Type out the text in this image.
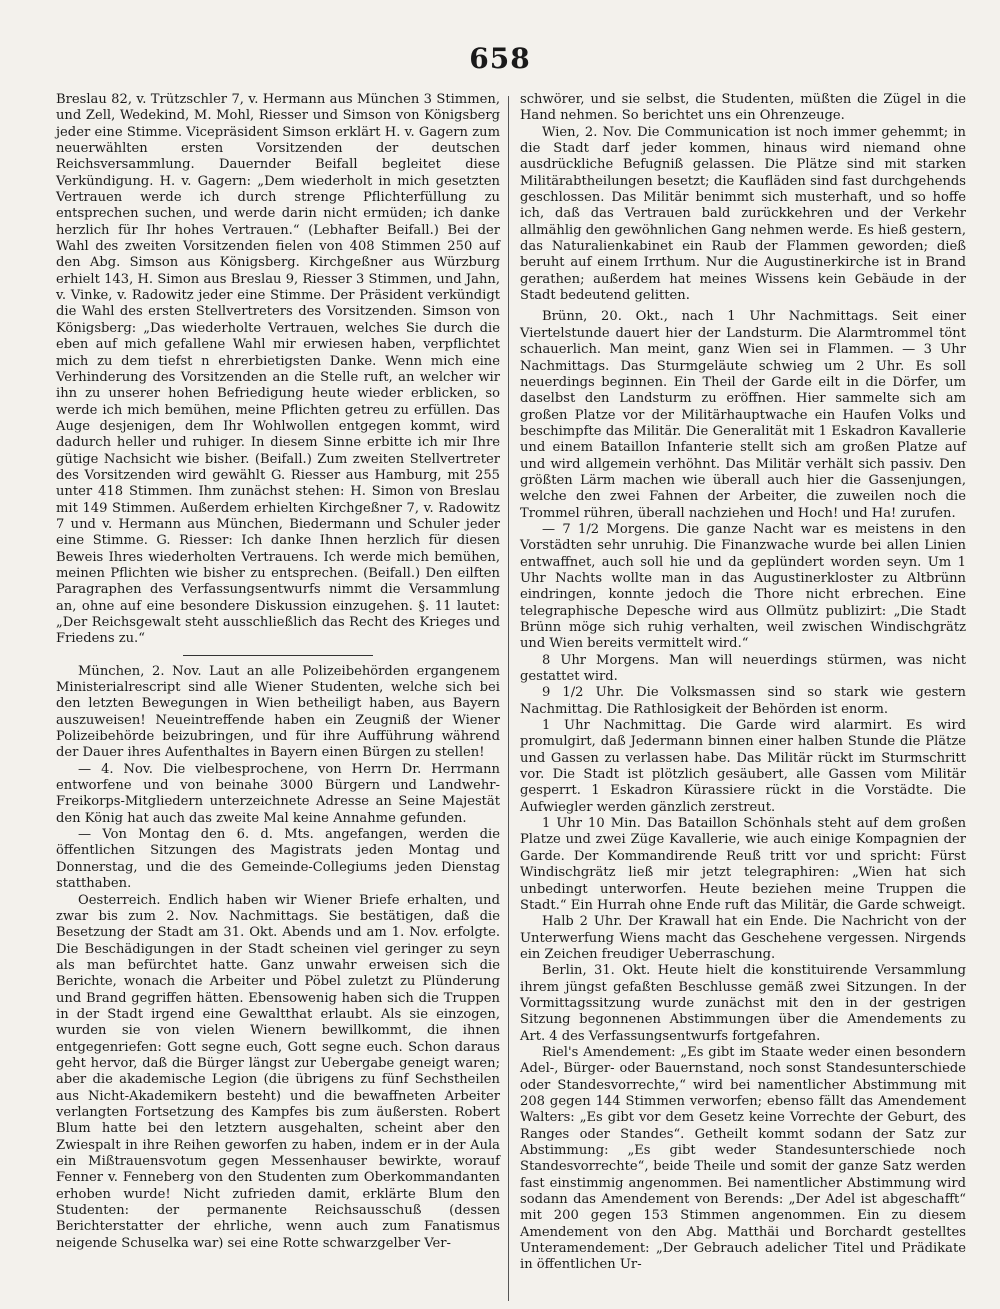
658

Breslau 82, v. Trützschler 7, v. Hermann aus München 3 Stimmen, und Zell, Wedekind, M. Mohl, Riesser und Simson von Königsberg jeder eine Stimme. Vicepräsident Simson erklärt H. v. Gagern zum neuerwählten ersten Vorsitzenden der deutschen Reichsversammlung. Dauernder Beifall begleitet diese Verkündigung. H. v. Gagern: „Dem wiederholt in mich gesetzten Vertrauen werde ich durch strenge Pflichterfüllung zu entsprechen suchen, und werde darin nicht ermüden; ich danke herzlich für Ihr hohes Vertrauen.“ (Lebhafter Beifall.) Bei der Wahl des zweiten Vorsitzenden fielen von 408 Stimmen 250 auf den Abg. Simson aus Königsberg. Kirchgeßner aus Würzburg erhielt 143, H. Simon aus Breslau 9, Riesser 3 Stimmen, und Jahn, v. Vinke, v. Radowitz jeder eine Stimme. Der Präsident verkündigt die Wahl des ersten Stellvertreters des Vorsitzenden. Simson von Königsberg: „Das wiederholte Vertrauen, welches Sie durch die eben auf mich gefallene Wahl mir erwiesen haben, verpflichtet mich zu dem tiefst n ehrerbietigsten Danke. Wenn mich eine Verhinderung des Vorsitzenden an die Stelle ruft, an welcher wir ihn zu unserer hohen Befriedigung heute wieder erblicken, so werde ich mich bemühen, meine Pflichten getreu zu erfüllen. Das Auge desjenigen, dem Ihr Wohlwollen entgegen kommt, wird dadurch heller und ruhiger. In diesem Sinne erbitte ich mir Ihre gütige Nachsicht wie bisher. (Beifall.) Zum zweiten Stellvertreter des Vorsitzenden wird gewählt G. Riesser aus Hamburg, mit 255 unter 418 Stimmen. Ihm zunächst stehen: H. Simon von Breslau mit 149 Stimmen. Außerdem erhielten Kirchgeßner 7, v. Radowitz 7 und v. Hermann aus München, Biedermann und Schuler jeder eine Stimme. G. Riesser: Ich danke Ihnen herzlich für diesen Beweis Ihres wiederholten Vertrauens. Ich werde mich bemühen, meinen Pflichten wie bisher zu entsprechen. (Beifall.) Den eilften Paragraphen des Verfassungsentwurfs nimmt die Versammlung an, ohne auf eine besondere Diskussion einzugehen. §. 11 lautet: „Der Reichsgewalt steht ausschließlich das Recht des Krieges und Friedens zu.“

München, 2. Nov. Laut an alle Polizeibehörden ergangenem Ministerialrescript sind alle Wiener Studenten, welche sich bei den letzten Bewegungen in Wien betheiligt haben, aus Bayern auszuweisen! Neueintreffende haben ein Zeugniß der Wiener Polizeibehörde beizubringen, und für ihre Aufführung während der Dauer ihres Aufenthaltes in Bayern einen Bürgen zu stellen!

— 4. Nov. Die vielbesprochene, von Herrn Dr. Herrmann entworfene und von beinahe 3000 Bürgern und Landwehr-Freikorps-Mitgliedern unterzeichnete Adresse an Seine Majestät den König hat auch das zweite Mal keine Annahme gefunden.

— Von Montag den 6. d. Mts. angefangen, werden die öffentlichen Sitzungen des Magistrats jeden Montag und Donnerstag, und die des Gemeinde-Collegiums jeden Dienstag statthaben.

Oesterreich. Endlich haben wir Wiener Briefe erhalten, und zwar bis zum 2. Nov. Nachmittags. Sie bestätigen, daß die Besetzung der Stadt am 31. Okt. Abends und am 1. Nov. erfolgte. Die Beschädigungen in der Stadt scheinen viel geringer zu seyn als man befürchtet hatte. Ganz unwahr erweisen sich die Berichte, wonach die Arbeiter und Pöbel zuletzt zu Plünderung und Brand gegriffen hätten. Ebensowenig haben sich die Truppen in der Stadt irgend eine Gewaltthat erlaubt. Als sie einzogen, wurden sie von vielen Wienern bewillkommt, die ihnen entgegenriefen: Gott segne euch, Gott segne euch. Schon daraus geht hervor, daß die Bürger längst zur Uebergabe geneigt waren; aber die akademische Legion (die übrigens zu fünf Sechstheilen aus Nicht-Akademikern besteht) und die bewaffneten Arbeiter verlangten Fortsetzung des Kampfes bis zum äußersten. Robert Blum hatte bei den letztern ausgehalten, scheint aber den Zwiespalt in ihre Reihen geworfen zu haben, indem er in der Aula ein Mißtrauensvotum gegen Messenhauser bewirkte, worauf Fenner v. Fenneberg von den Studenten zum Oberkommandanten erhoben wurde! Nicht zufrieden damit, erklärte Blum den Studenten: der permanente Reichsausschuß (dessen Berichterstatter der ehrliche, wenn auch zum Fanatismus neigende Schuselka war) sei eine Rotte schwarzgelber Ver-

schwörer, und sie selbst, die Studenten, müßten die Zügel in die Hand nehmen. So berichtet uns ein Ohrenzeuge.

Wien, 2. Nov. Die Communication ist noch immer gehemmt; in die Stadt darf jeder kommen, hinaus wird niemand ohne ausdrückliche Befugniß gelassen. Die Plätze sind mit starken Militärabtheilungen besetzt; die Kaufläden sind fast durchgehends geschlossen. Das Militär benimmt sich musterhaft, und so hoffe ich, daß das Vertrauen bald zurückkehren und der Verkehr allmählig den gewöhnlichen Gang nehmen werde. Es hieß gestern, das Naturalienkabinet ein Raub der Flammen geworden; dieß beruht auf einem Irrthum. Nur die Augustinerkirche ist in Brand gerathen; außerdem hat meines Wissens kein Gebäude in der Stadt bedeutend gelitten.

Brünn, 20. Okt., nach 1 Uhr Nachmittags. Seit einer Viertelstunde dauert hier der Landsturm. Die Alarmtrommel tönt schauerlich. Man meint, ganz Wien sei in Flammen. — 3 Uhr Nachmittags. Das Sturmgeläute schwieg um 2 Uhr. Es soll neuerdings beginnen. Ein Theil der Garde eilt in die Dörfer, um daselbst den Landsturm zu eröffnen. Hier sammelte sich am großen Platze vor der Militärhauptwache ein Haufen Volks und beschimpfte das Militär. Die Generalität mit 1 Eskadron Kavallerie und einem Bataillon Infanterie stellt sich am großen Platze auf und wird allgemein verhöhnt. Das Militär verhält sich passiv. Den größten Lärm machen wie überall auch hier die Gassenjungen, welche den zwei Fahnen der Arbeiter, die zuweilen noch die Trommel rühren, überall nachziehen und Hoch! und Ha! zurufen.

— 7 1/2 Morgens. Die ganze Nacht war es meistens in den Vorstädten sehr unruhig. Die Finanzwache wurde bei allen Linien entwaffnet, auch soll hie und da geplündert worden seyn. Um 1 Uhr Nachts wollte man in das Augustinerkloster zu Altbrünn eindringen, konnte jedoch die Thore nicht erbrechen. Eine telegraphische Depesche wird aus Ollmütz publizirt: „Die Stadt Brünn möge sich ruhig verhalten, weil zwischen Windischgrätz und Wien bereits vermittelt wird.“

8 Uhr Morgens. Man will neuerdings stürmen, was nicht gestattet wird.

9 1/2 Uhr. Die Volksmassen sind so stark wie gestern Nachmittag. Die Rathlosigkeit der Behörden ist enorm.

1 Uhr Nachmittag. Die Garde wird alarmirt. Es wird promulgirt, daß Jedermann binnen einer halben Stunde die Plätze und Gassen zu verlassen habe. Das Militär rückt im Sturmschritt vor. Die Stadt ist plötzlich gesäubert, alle Gassen vom Militär gesperrt. 1 Eskadron Kürassiere rückt in die Vorstädte. Die Aufwiegler werden gänzlich zerstreut.

1 Uhr 10 Min. Das Bataillon Schönhals steht auf dem großen Platze und zwei Züge Kavallerie, wie auch einige Kompagnien der Garde. Der Kommandirende Reuß tritt vor und spricht: Fürst Windischgrätz ließ mir jetzt telegraphiren: „Wien hat sich unbedingt unterworfen. Heute beziehen meine Truppen die Stadt.“ Ein Hurrah ohne Ende ruft das Militär, die Garde schweigt.

Halb 2 Uhr. Der Krawall hat ein Ende. Die Nachricht von der Unterwerfung Wiens macht das Geschehene vergessen. Nirgends ein Zeichen freudiger Ueberraschung.

Berlin, 31. Okt. Heute hielt die konstituirende Versammlung ihrem jüngst gefaßten Beschlusse gemäß zwei Sitzungen. In der Vormittagssitzung wurde zunächst mit den in der gestrigen Sitzung begonnenen Abstimmungen über die Amendements zu Art. 4 des Verfassungsentwurfs fortgefahren.

Riel's Amendement: „Es gibt im Staate weder einen besondern Adel-, Bürger- oder Bauernstand, noch sonst Standesunterschiede oder Standesvorrechte,“ wird bei namentlicher Abstimmung mit 208 gegen 144 Stimmen verworfen; ebenso fällt das Amendement Walters: „Es gibt vor dem Gesetz keine Vorrechte der Geburt, des Ranges oder Standes“. Getheilt kommt sodann der Satz zur Abstimmung: „Es gibt weder Standesunterschiede noch Standesvorrechte“, beide Theile und somit der ganze Satz werden fast einstimmig angenommen. Bei namentlicher Abstimmung wird sodann das Amendement von Berends: „Der Adel ist abgeschafft“ mit 200 gegen 153 Stimmen angenommen. Ein zu diesem Amendement von den Abg. Matthäi und Borchardt gestelltes Unteramendement: „Der Gebrauch adelicher Titel und Prädikate in öffentlichen Ur-
